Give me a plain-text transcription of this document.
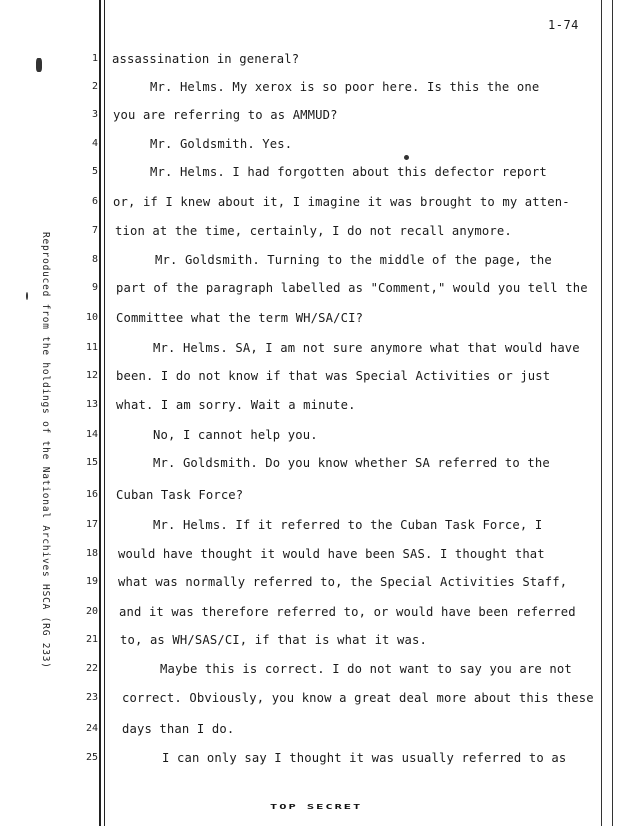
1-74
Reproduced from the holdings of the National Archives HSCA (RG 233)
1 assassination in general?
2	Mr. Helms. My xerox is so poor here. Is this the one
3 you are referring to as AMMUD?
4	Mr. Goldsmith. Yes.
5	Mr. Helms. I had forgotten about this defector report
6 or, if I knew about it, I imagine it was brought to my atten-
7 tion at the time, certainly, I do not recall anymore.
8	Mr. Goldsmith. Turning to the middle of the page, the
9 part of the paragraph labelled as "Comment," would you tell the
10 Committee what the term WH/SA/CI?
11	Mr. Helms. SA, I am not sure anymore what that would have
12 been. I do not know if that was Special Activities or just
13 what. I am sorry. Wait a minute.
14	No, I cannot help you.
15	Mr. Goldsmith. Do you know whether SA referred to the
16 Cuban Task Force?
17	Mr. Helms. If it referred to the Cuban Task Force, I
18 would have thought it would have been SAS. I thought that
19 what was normally referred to, the Special Activities Staff,
20 and it was therefore referred to, or would have been referred
21 to, as WH/SAS/CI, if that is what it was.
22	Maybe this is correct. I do not want to say you are not
23 correct. Obviously, you know a great deal more about this these
24 days than I do.
25	I can only say I thought it was usually referred to as
TOP SECRET
